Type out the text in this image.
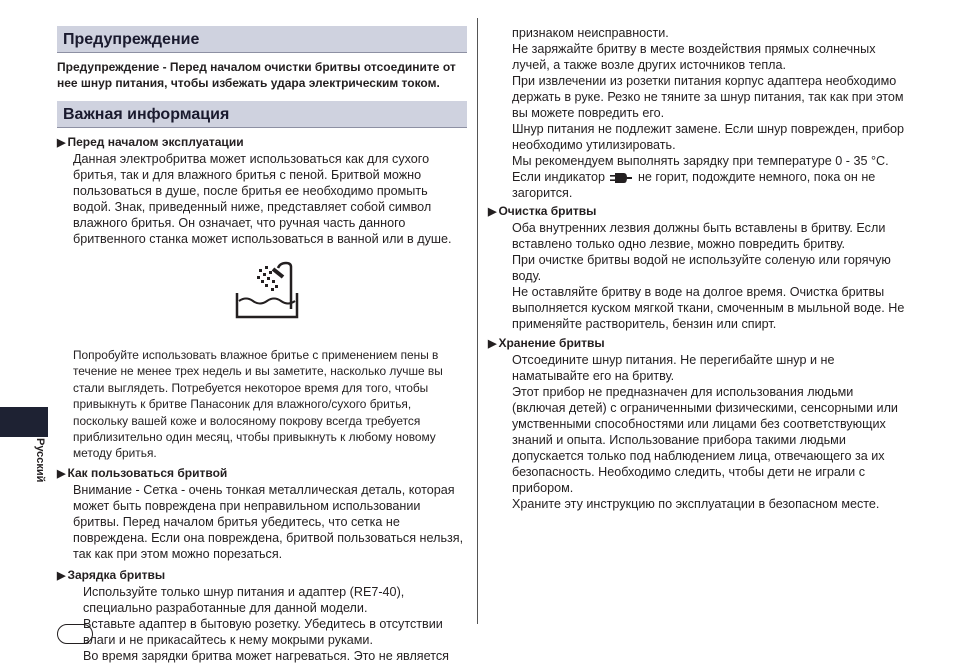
Предупреждение
Предупреждение - Перед началом очистки бритвы отсоедините от нее шнур питания, чтобы избежать удара электрическим током.
Важная информация
▶ Перед началом эксплуатации

Данная электробритва может использоваться как для сухого бритья, так и для влажного бритья с пеной. Бритвой можно пользоваться в душе, после бритья ее необходимо промыть водой. Знак, приведенный ниже, представляет собой символ влажного бритья. Он означает, что ручная часть данного бритвенного станка может использоваться в ванной или в душе.

Попробуйте использовать влажное бритье с применением пены в течение не менее трех недель и вы заметите, насколько лучше вы стали выглядеть. Потребуется некоторое время для того, чтобы привыкнуть к бритве Панасоник для влажного/сухого бритья, поскольку вашей коже и волосяному покрову всегда требуется приблизительно один месяц, чтобы привыкнуть к любому новому методу бритья.

▶ Как пользоваться бритвой

Внимание - Сетка - очень тонкая металлическая деталь, которая может быть повреждена при неправильном использовании бритвы. Перед началом бритья убедитесь, что сетка не повреждена. Если она повреждена, бритвой пользоваться нельзя, так как при этом можно порезаться.

▶ Зарядка бритвы

Используйте только шнур питания и адаптер (RE7-40), специально разработанные для данной модели.

Вставьте адаптер в бытовую розетку. Убедитесь в отсутствии влаги и не прикасайтесь к нему мокрыми руками.

Во время зарядки бритва может нагреваться. Это не является

признаком неисправности.

Не заряжайте бритву в месте воздействия прямых солнечных лучей, а также возле других источников тепла.

При извлечении из розетки питания корпус адаптера необходимо держать в руке. Резко не тяните за шнур питания, так как при этом вы можете повредить его.

Шнур питания не подлежит замене. Если шнур поврежден, прибор необходимо утилизировать.

Мы рекомендуем выполнять зарядку при температуре 0 - 35 °C.

Если индикатор	не горит, подождите немного, пока он не загорится.

▶ Очистка бритвы

Оба внутренних лезвия должны быть вставлены в бритву. Если вставлено только одно лезвие, можно повредить бритву.

При очистке бритвы водой не используйте соленую или горячую воду.

Не оставляйте бритву в воде на долгое время. Очистка бритвы выполняется куском мягкой ткани, смоченным в мыльной воде. Не применяйте растворитель, бензин или спирт.

▶ Хранение бритвы

Отсоедините шнур питания. Не перегибайте шнур и не наматывайте его на бритву.

Этот прибор не предназначен для использования людьми (включая детей) с ограниченными физическими, сенсорными или умственными способностями или лицами без соответствующих знаний и опыта. Использование прибора такими людьми допускается только под наблюдением лица, отвечающего за их безопасность. Необходимо следить, чтобы дети не играли с прибором.

Храните эту инструкцию по эксплуатации в безопасном месте.

Русский
